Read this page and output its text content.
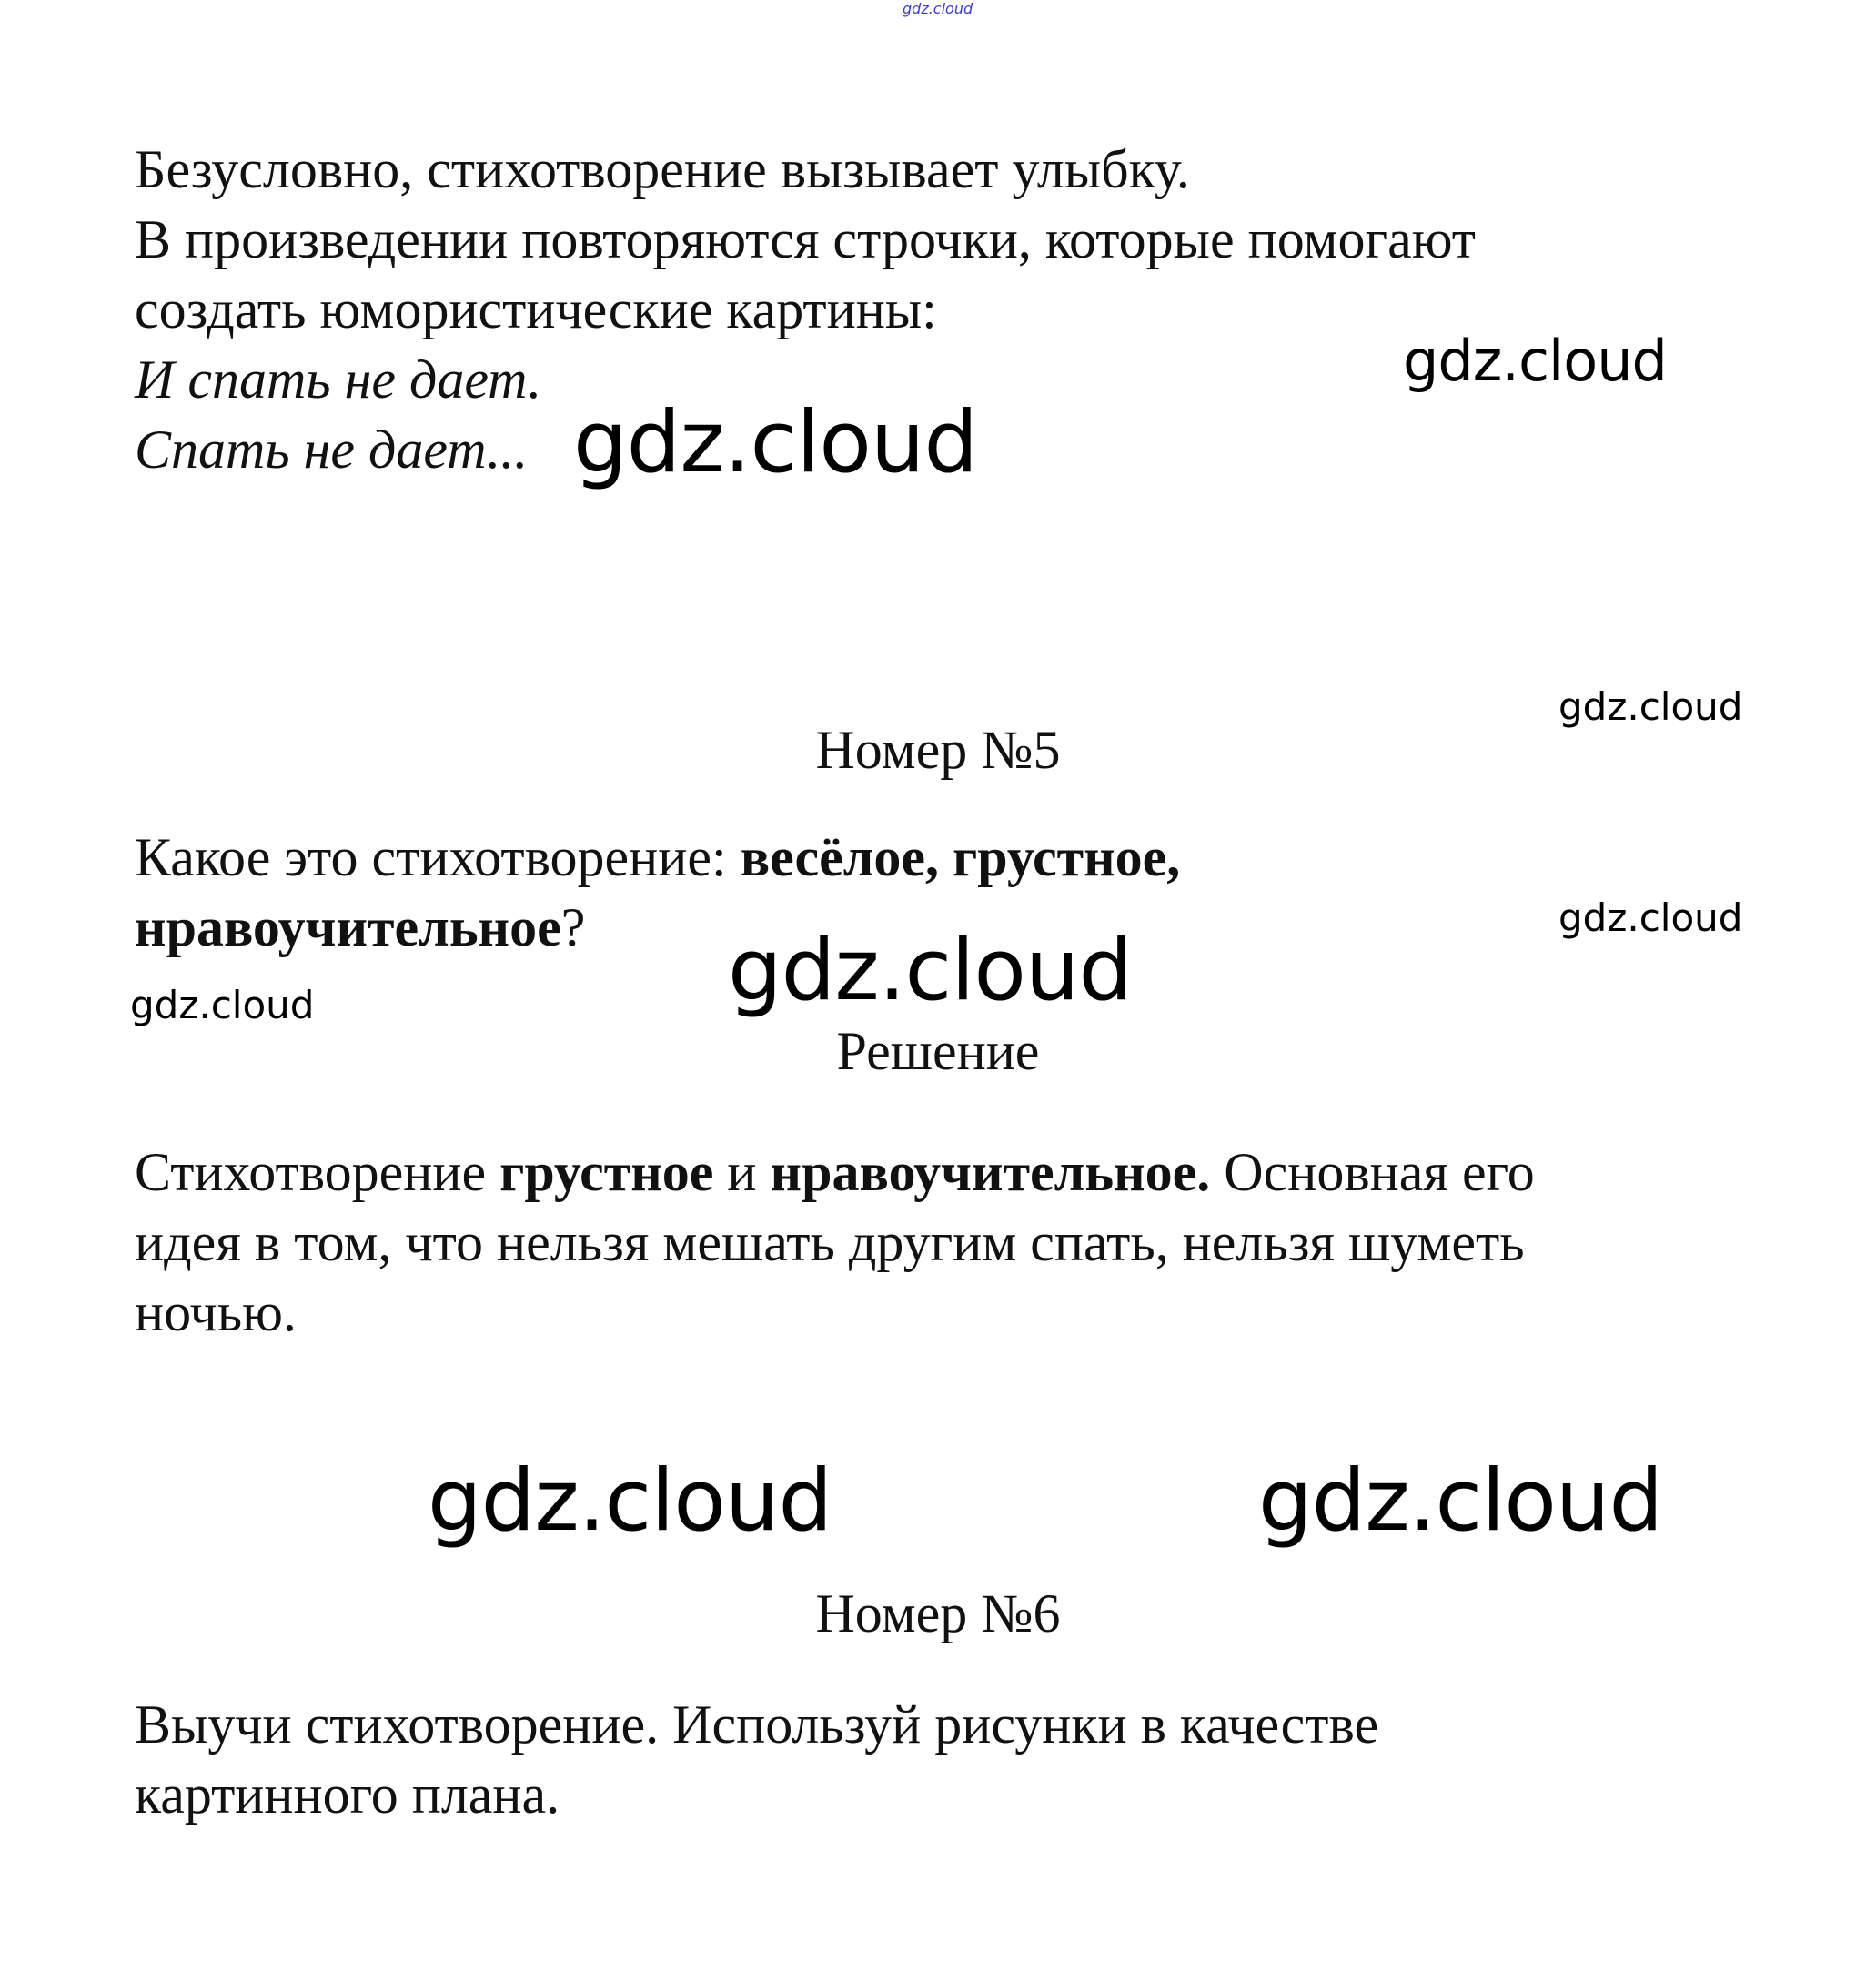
gdz.cloud
Безусловно, стихотворение вызывает улыбку.
В произведении повторяются строчки, которые помогают
создать юмористические картины:
И спать не дает.
Спать не дает...
Номер №5
Какое это стихотворение: весёлое, грустное,
нравоучительное?
Решение
Стихотворение грустное и нравоучительное. Основная его
идея в том, что нельзя мешать другим спать, нельзя шуметь
ночью.
Номер №6
Выучи стихотворение. Используй рисунки в качестве
картинного плана.
gdz.cloud
gdz.cloud
gdz.cloud
gdz.cloud
gdz.cloud
gdz.cloud
gdz.cloud	gdz.cloud
